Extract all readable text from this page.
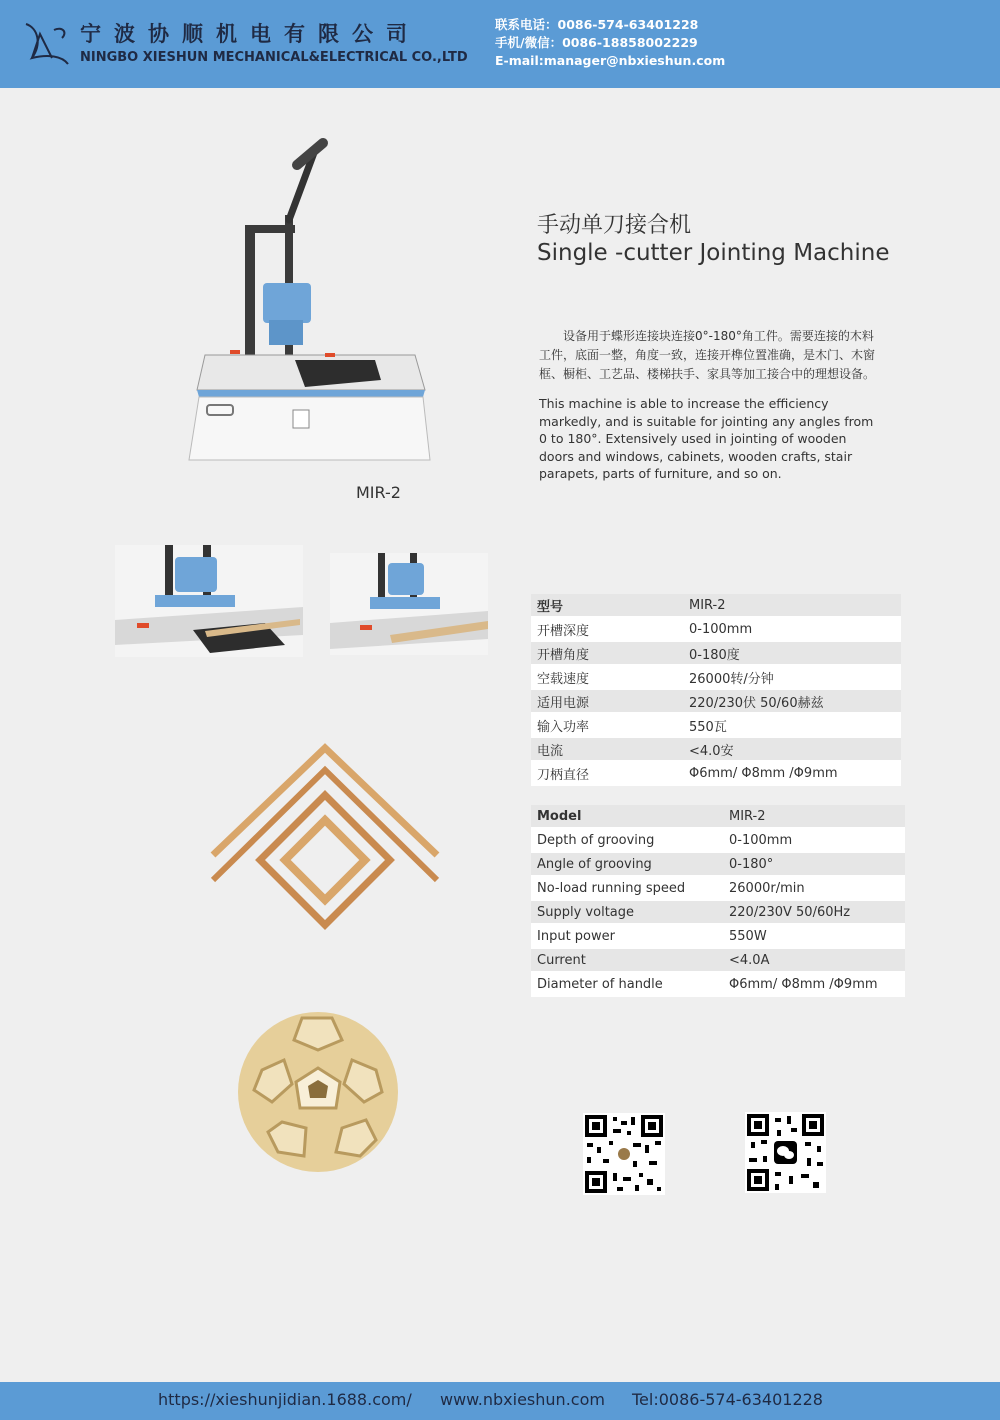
宁波协顺机电有限公司
NINGBO XIESHUN MECHANICAL&ELECTRICAL CO.,LTD
联系电话：0086-574-63401228
手机/微信：0086-18858002229
E-mail:manager@nbxieshun.com
MIR-2
手动单刀接合机
Single -cutter Jointing Machine
设备用于蝶形连接块连接0°-180°角工件。需要连接的木料工件，底面一整，角度一致，连接开榫位置准确，是木门、木窗框、橱柜、工艺品、楼梯扶手、家具等加工接合中的理想设备。
This machine is able to increase the efficiency markedly, and is suitable for jointing any angles from 0 to 180°. Extensively used in jointing of wooden doors and windows, cabinets, wooden crafts, stair parapets, parts of furniture, and so on.
型号	MIR-2
开槽深度	0-100mm
开槽角度	0-180度
空载速度	26000转/分钟
适用电源	220/230伏 50/60赫兹
输入功率	550瓦
电流	<4.0安
刀柄直径	Φ6mm/ Φ8mm /Φ9mm
Model	MIR-2
Depth of grooving	0-100mm
Angle of grooving	0-180°
No-load running speed	26000r/min
Supply voltage	220/230V 50/60Hz
Input power	550W
Current	<4.0A
Diameter of handle	Φ6mm/ Φ8mm /Φ9mm
https://xieshunjidian.1688.com/ www.nbxieshun.com Tel:0086-574-63401228
